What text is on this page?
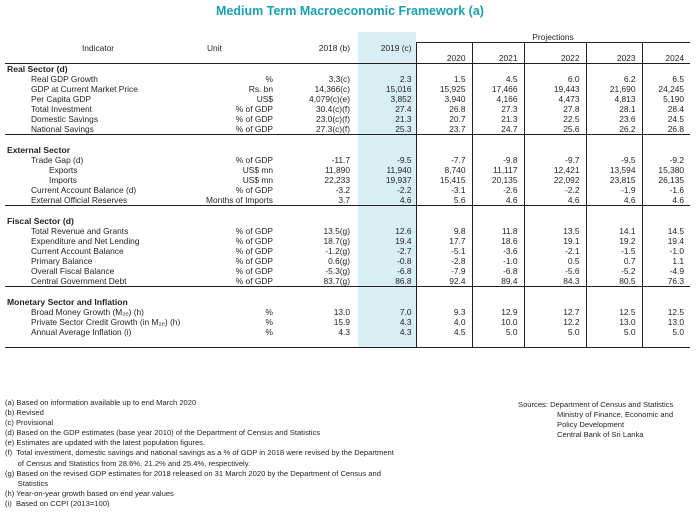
Medium Term Macroeconomic Framework (a)
				Projections				
Indicator	Unit	2018 (b)	2019 (c)	2020	2021	2022	2023	2024

Real Sector (d)								
Real GDP Growth	%	3.3(c)	2.3	1.5	4.5	6.0	6.2	6.5
GDP at Current Market Price	Rs. bn	14,366(c)	15,016	15,925	17,466	19,443	21,690	24,245
Per Capita GDP	US$	4,079(c)(e)	3,852	3,940	4,166	4,473	4,813	5,190
Total Investment	% of GDP	30.4(c)(f)	27.4	26.8	27.3	27.8	28.1	28.4
Domestic Savings	% of GDP	23.0(c)(f)	21.3	20.7	21.3	22.5	23.6	24.5
National Savings	% of GDP	27.3(c)(f)	25.3	23.7	24.7	25.6	26.2	26.8

External Sector								
Trade Gap (d)	% of GDP	-11.7	-9.5	-7.7	-9.8	-9.7	-9.5	-9.2
Exports	US$ mn	11,890	11,940	8,740	11,117	12,421	13,594	15,380
Imports	US$ mn	22,233	19,937	15,415	20,135	22,092	23,815	26,135
Current Account Balance (d)	% of GDP	-3.2	-2.2	-3.1	-2.6	-2.2	-1.9	-1.6
External Official Reserves	Months of Imports	3.7	4.6	5.6	4.6	4.6	4.6	4.6

Fiscal Sector (d)								
Total Revenue and Grants	% of GDP	13.5(g)	12.6	9.8	11.8	13.5	14.1	14.5
Expenditure and Net Lending	% of GDP	18.7(g)	19.4	17.7	18.6	19.1	19.2	19.4
Current Account Balance	% of GDP	-1.2(g)	-2.7	-5.1	-3.6	-2.1	-1.5	-1.0
Primary Balance	% of GDP	0.6(g)	-0.8	-2.8	-1.0	0.5	0.7	1.1
Overall Fiscal Balance	% of GDP	-5.3(g)	-6.8	-7.9	-6.8	-5.6	-5.2	-4.9
Central Government Debt	% of GDP	83.7(g)	86.8	92.4	89.4	84.3	80.5	76.3

Monetary Sector and Inflation								
Broad Money Growth (M₂ₑ) (h)	%	13.0	7.0	9.3	12.9	12.7	12.5	12.5
Private Sector Credit Growth (in M₂ₑ) (h)	%	15.9	4.3	4.0	10.0	12.2	13.0	13.0
Annual Average Inflation (i)	%	4.3	4.3	4.5	5.0	5.0	5.0	5.0

(a) Based on information available up to end March 2020
(b) Revised
(c) Provisional
(d) Based on the GDP estimates (base year 2010) of the Department of Census and Statistics
(e) Estimates are updated with the latest population figures.
(f)  Total investment, domestic savings and national savings as a % of GDP in 2018 were revised by the Department
of Census and Statistics from 28.6%, 21.2% and 25.4%, respectively.
(g) Based on the revised GDP estimates for 2018 released on 31 March 2020 by the Department of Census and
Statistics
(h) Year-on-year growth based on end year values
(i)  Based on CCPI (2013=100)
Sources: Department of Census and Statistics
Ministry of Finance, Economic and
Policy Development
Central Bank of Sri Lanka
